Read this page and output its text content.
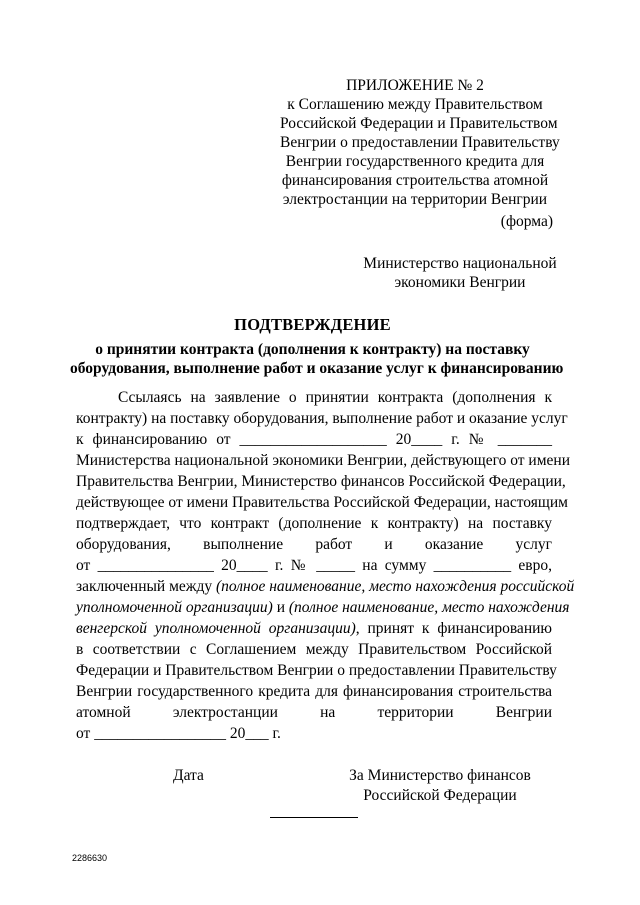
ПРИЛОЖЕНИЕ № 2
к Соглашению между Правительством
Российской Федерации и Правительством
Венгрии о предоставлении Правительству
Венгрии государственного кредита для
финансирования строительства атомной
электростанции на территории Венгрии
(форма)
Министерство национальной
экономики Венгрии
ПОДТВЕРЖДЕНИЕ
о принятии контракта (дополнения к контракту) на поставку
оборудования, выполнение работ и оказание услуг к финансированию
Ссылаясь на заявление о принятии контракта (дополнения к
контракту) на поставку оборудования, выполнение работ и оказание услуг
к финансированию от ___________________ 20____ г. № _______
Министерства национальной экономики Венгрии, действующего от имени
Правительства Венгрии, Министерство финансов Российской Федерации,
действующее от имени Правительства Российской Федерации, настоящим
подтверждает, что контракт (дополнение к контракту) на поставку
оборудования, выполнение работ и оказание услуг
от _______________ 20____ г. № _____ на сумму __________ евро,
заключенный между (полное наименование, место нахождения российской
уполномоченной организации) и (полное наименование, место нахождения
венгерской уполномоченной организации), принят к финансированию
в соответствии с Соглашением между Правительством Российской
Федерации и Правительством Венгрии о предоставлении Правительству
Венгрии государственного кредита для финансирования строительства
атомной электростанции на территории Венгрии
от _________________ 20___ г.
Дата	За Министерство финансов
Российской Федерации
2286630
